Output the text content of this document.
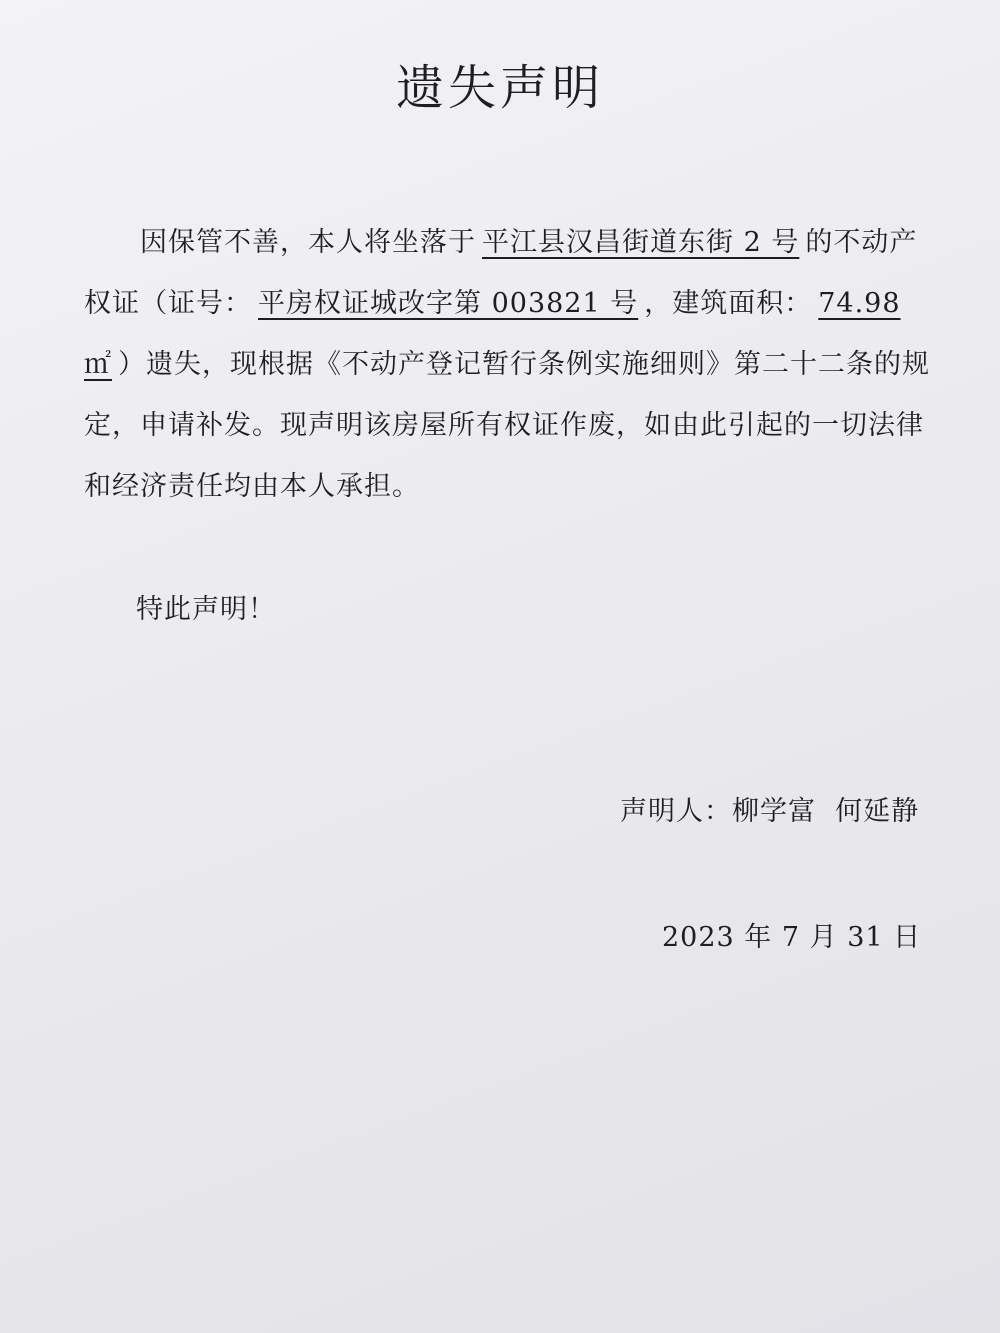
遗失声明

因保管不善，本人将坐落于 平江县汉昌街道东街 2 号 的不动产权证（证号： 平房权证城改字第 003821 号 ，建筑面积： 74.98 ㎡ ）遗失，现根据《不动产登记暂行条例实施细则》第二十二条的规定，申请补发。现声明该房屋所有权证作废，如由此引起的一切法律和经济责任均由本人承担。

特此声明！
声明人：柳学富  何延静
2023 年 7 月 31 日
